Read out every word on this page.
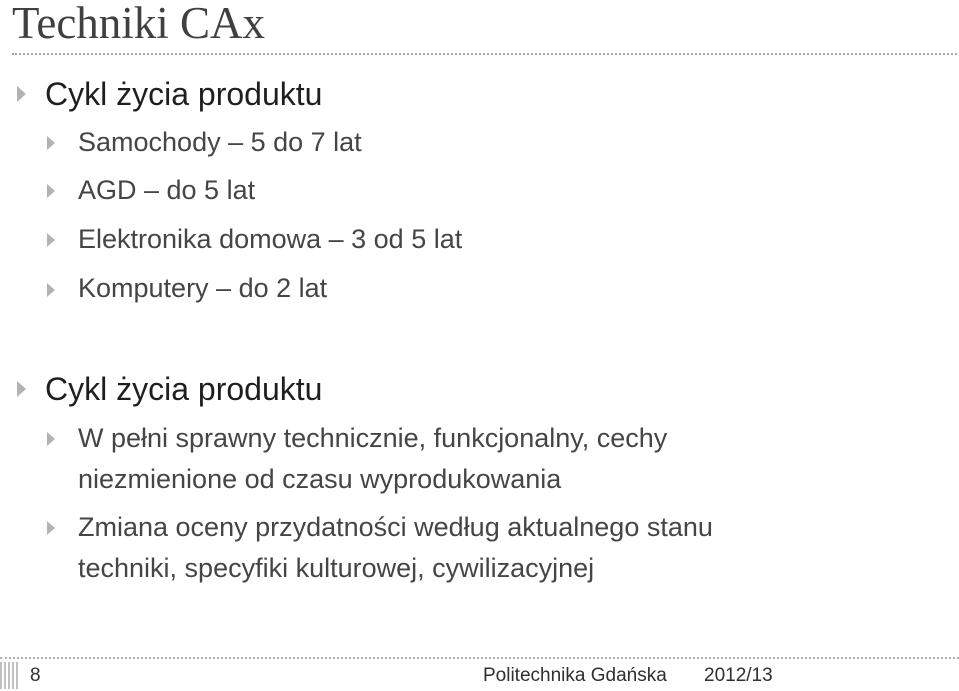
Techniki CAx
Cykl życia produktu
Samochody – 5 do 7 lat
AGD – do 5 lat
Elektronika domowa – 3 od 5 lat
Komputery – do 2 lat
Cykl życia produktu
W pełni sprawny technicznie, funkcjonalny, cechy
niezmienione od czasu wyprodukowania
Zmiana oceny przydatności według aktualnego stanu
techniki, specyfiki kulturowej, cywilizacyjnej
8	Politechnika Gdańska 2012/13
